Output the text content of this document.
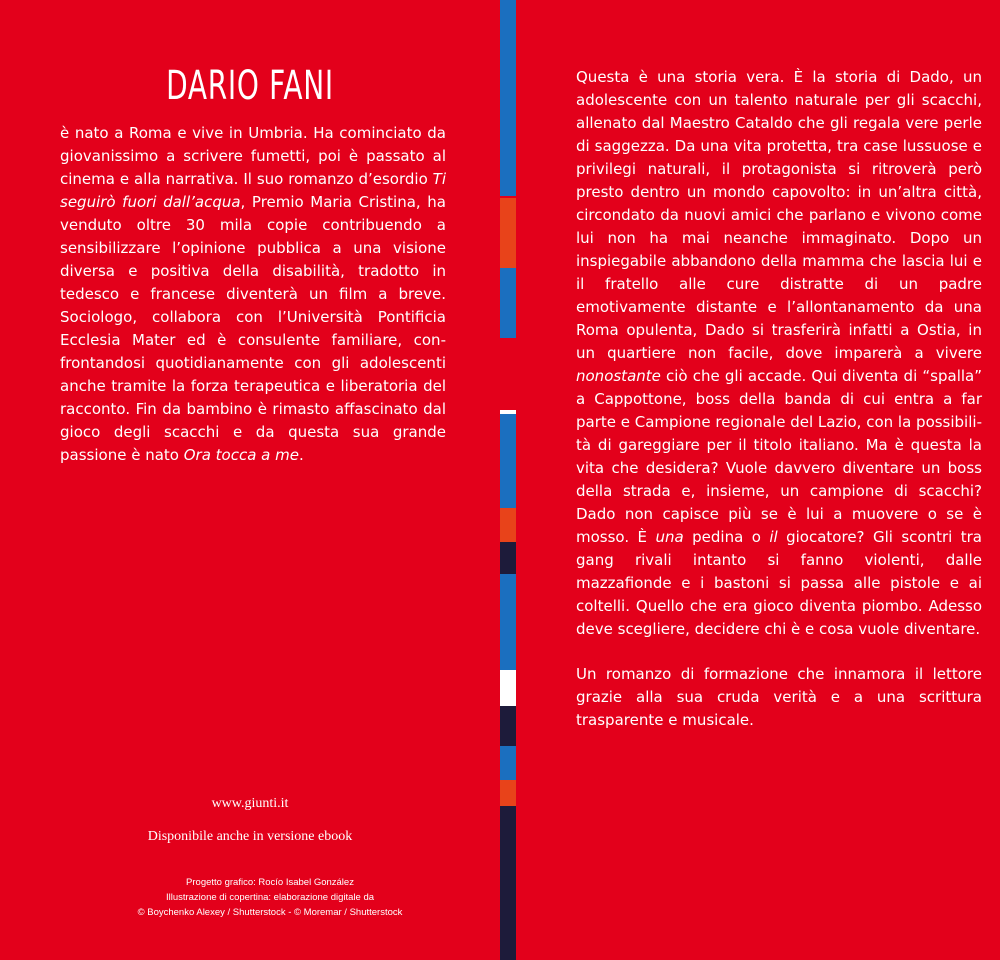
DARIO FANI

è nato a Roma e vive in Umbria. Ha cominciato da giovanissimo a scrivere fumetti, poi è passato al cinema e alla narrativa. Il suo romanzo d’esordio Ti seguirò fuori dall’acqua, Premio Maria Cristina, ha venduto oltre 30 mila copie contribuendo a sensibilizzare l’opinione pubblica a una visione diversa e positiva della disabilità, tradotto in tedesco e francese diventerà un film a breve. Sociologo, collabora con l’Università Pontificia Ecclesia Mater ed è consulente familiare, confrontandosi quotidianamente con gli adolescenti anche tramite la forza terapeutica e liberatoria del racconto. Fin da bambino è rimasto affascinato dal gioco degli scacchi e da questa sua grande passione è nato Ora tocca a me.

www.giunti.it
Disponibile anche in versione ebook
Progetto grafico: Rocío Isabel González
Illustrazione di copertina: elaborazione digitale da
© Boychenko Alexey / Shutterstock - © Moremar / Shutterstock

Questa è una storia vera. È la storia di Dado, un adolescente con un talento naturale per gli scacchi, allenato dal Maestro Cataldo che gli regala vere perle di saggezza. Da una vita protetta, tra case lussuose e privilegi naturali, il protagonista si ritroverà però presto dentro un mondo capovolto: in un’altra città, circondato da nuovi amici che parlano e vivono come lui non ha mai neanche immaginato. Dopo un inspiegabile abbandono della mamma che lascia lui e il fratello alle cure distratte di un padre emotivamente distante e l’allontanamento da una Roma opulenta, Dado si trasferirà infatti a Ostia, in un quartiere non facile, dove imparerà a vivere nonostante ciò che gli accade. Qui diventa di “spalla” a Cappottone, boss della banda di cui entra a far parte e Campione regionale del Lazio, con la possibilità di gareggiare per il titolo italiano. Ma è questa la vita che desidera? Vuole davvero diventare un boss della strada e, insieme, un campione di scacchi? Dado non capisce più se è lui a muovere o se è mosso. È una pedina o il giocatore? Gli scontri tra gang rivali intanto si fanno violenti, dalle mazzafionde e i bastoni si passa alle pistole e ai coltelli. Quello che era gioco diventa piombo. Adesso deve scegliere, decidere chi è e cosa vuole diventare.

Un romanzo di formazione che innamora il lettore grazie alla sua cruda verità e a una scrittura trasparente e musicale.
